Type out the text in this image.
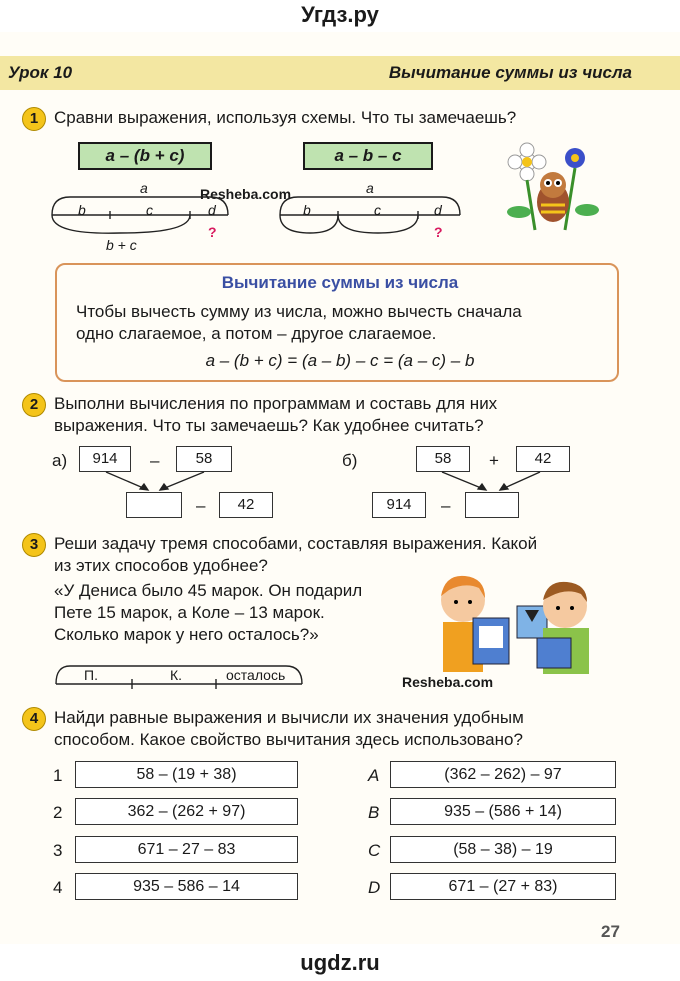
Угдз.ру
Урок 10	Вычитание суммы из числа
1 Сравни выражения, используя схемы. Что ты замечаешь?
a – (b + c)	a – b – c
Resheba.com
a
b	c	d
?
b + c
a
b	c	d
?
Вычитание суммы из числа
Чтобы вычесть сумму из числа, можно вычесть сначала
одно слагаемое, а потом – другое слагаемое.
a – (b + c) = (a – b) – c = (a – c) – b
2 Выполни вычисления по программам и составь для них
выражения. Что ты замечаешь? Как удобнее считать?
а)	914	–	58
–	42
б)	58	+	42
914	–
3 Реши задачу тремя способами, составляя выражения. Какой
из этих способов удобнее?
«У Дениса было 45 марок. Он подарил
Пете 15 марок, а Коле – 13 марок.
Сколько марок у него осталось?»
П.	К.	осталось	Resheba.com
4 Найди равные выражения и вычисли их значения удобным
способом. Какое свойство вычитания здесь использовано?
1	58 – (19 + 38)
2	362 – (262 + 97)
3	671 – 27 – 83
4	935 – 586 – 14
A	(362 – 262) – 97
B	935 – (586 + 14)
C	(58 – 38) – 19
D	671 – (27 + 83)
27
ugdz.ru
